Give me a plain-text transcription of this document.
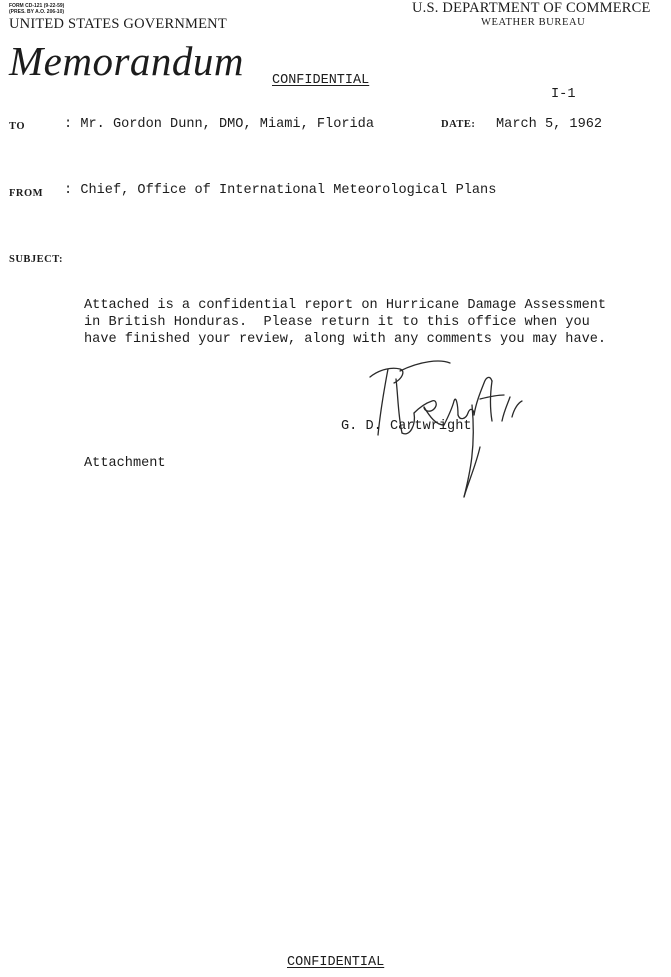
FORM CD-121 (9-22-59)
(PRES. BY A.O. 206-10)
UNITED STATES GOVERNMENT
U.S. DEPARTMENT OF COMMERCE
WEATHER BUREAU
Memorandum CONFIDENTIAL
I-1
TO	: Mr. Gordon Dunn, DMO, Miami, Florida	DATE: March 5, 1962
FROM : Chief, Office of International Meteorological Plans
SUBJECT:
Attached is a confidential report on Hurricane Damage Assessment
in British Honduras.  Please return it to this office when you
have finished your review, along with any comments you may have.
G. D. Cartwright
Attachment
CONFIDENTIAL
